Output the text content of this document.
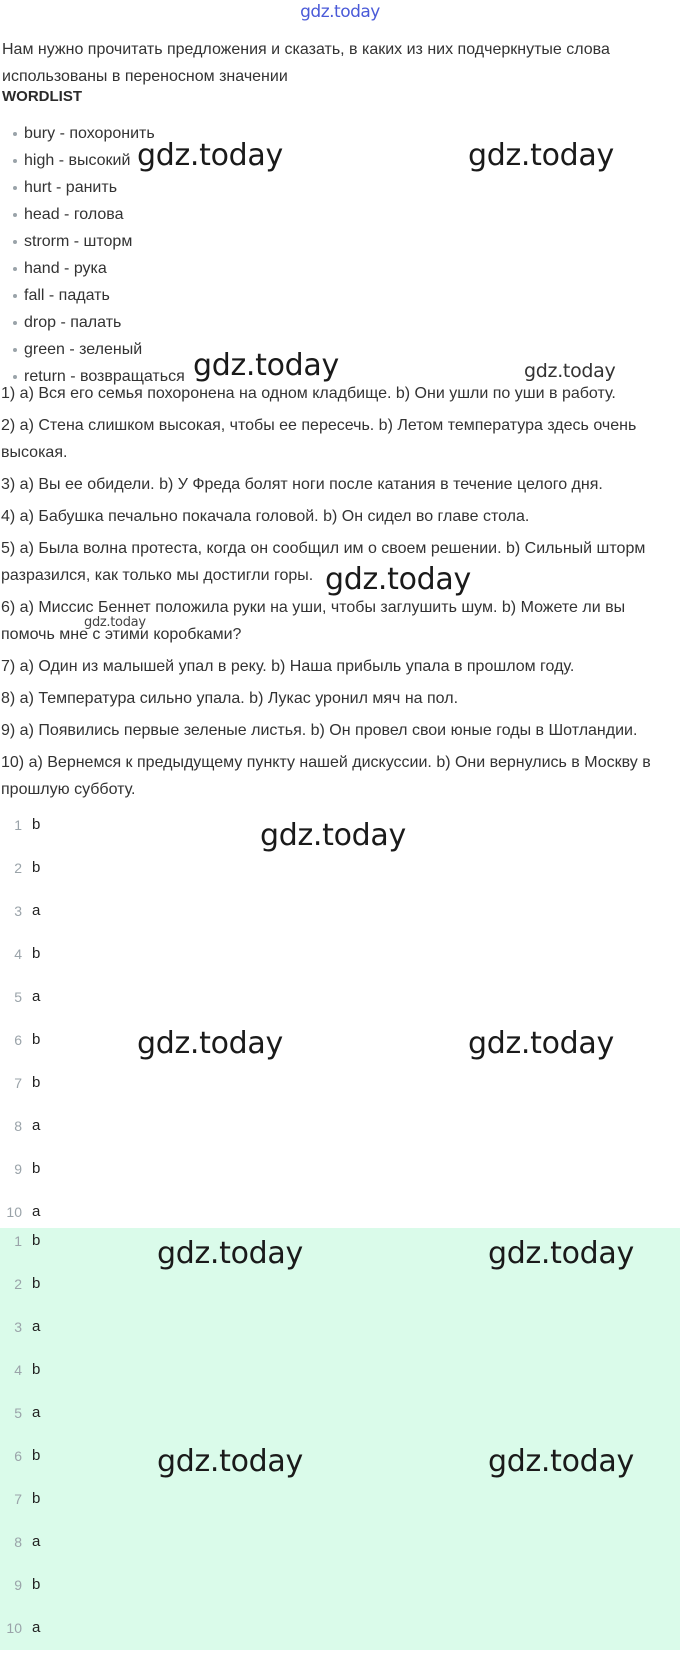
gdz.today
Нам нужно прочитать предложения и сказать, в каких из них подчеркнутые слова использованы в переносном значении
WORDLIST
bury - похоронить
high - высокий
hurt - ранить
head - голова
strorm - шторм
hand - рука
fall - падать
drop - палать
green - зеленый
return - возвращаться

1) a) Вся его семья похоронена на одном кладбище. b) Они ушли по уши в работу.

2) a) Стена слишком высокая, чтобы ее пересечь. b) Летом температура здесь очень высокая.

3) a) Вы ее обидели. b) У Фреда болят ноги после катания в течение целого дня.

4) a) Бабушка печально покачала головой. b) Он сидел во главе стола.

5) a) Была волна протеста, когда он сообщил им о своем решении. b) Сильный шторм разразился, как только мы достигли горы.

6) a) Миссис Беннет положила руки на уши, чтобы заглушить шум. b) Можете ли вы помочь мне с этими коробками?

7) a) Один из малышей упал в реку. b) Наша прибыль упала в прошлом году.

8) a) Температура сильно упала. b) Лукас уронил мяч на пол.

9) a) Появились первые зеленые листья. b) Он провел свои юные годы в Шотландии.

10) a) Вернемся к предыдущему пункту нашей дискуссии. b) Они вернулись в Москву в прошлую субботу.

1 b
2 b
3 a
4 b
5 a
6 b
7 b
8 a
9 b
10 a
1 b
2 b
3 a
4 b
5 a
6 b
7 b
8 a
9 b
10 a
gdz.today	gdz.today
gdz.today	gdz.today
gdz.today
gdz.today
gdz.today
gdz.today	gdz.today
gdz.today	gdz.today
gdz.today	gdz.today
